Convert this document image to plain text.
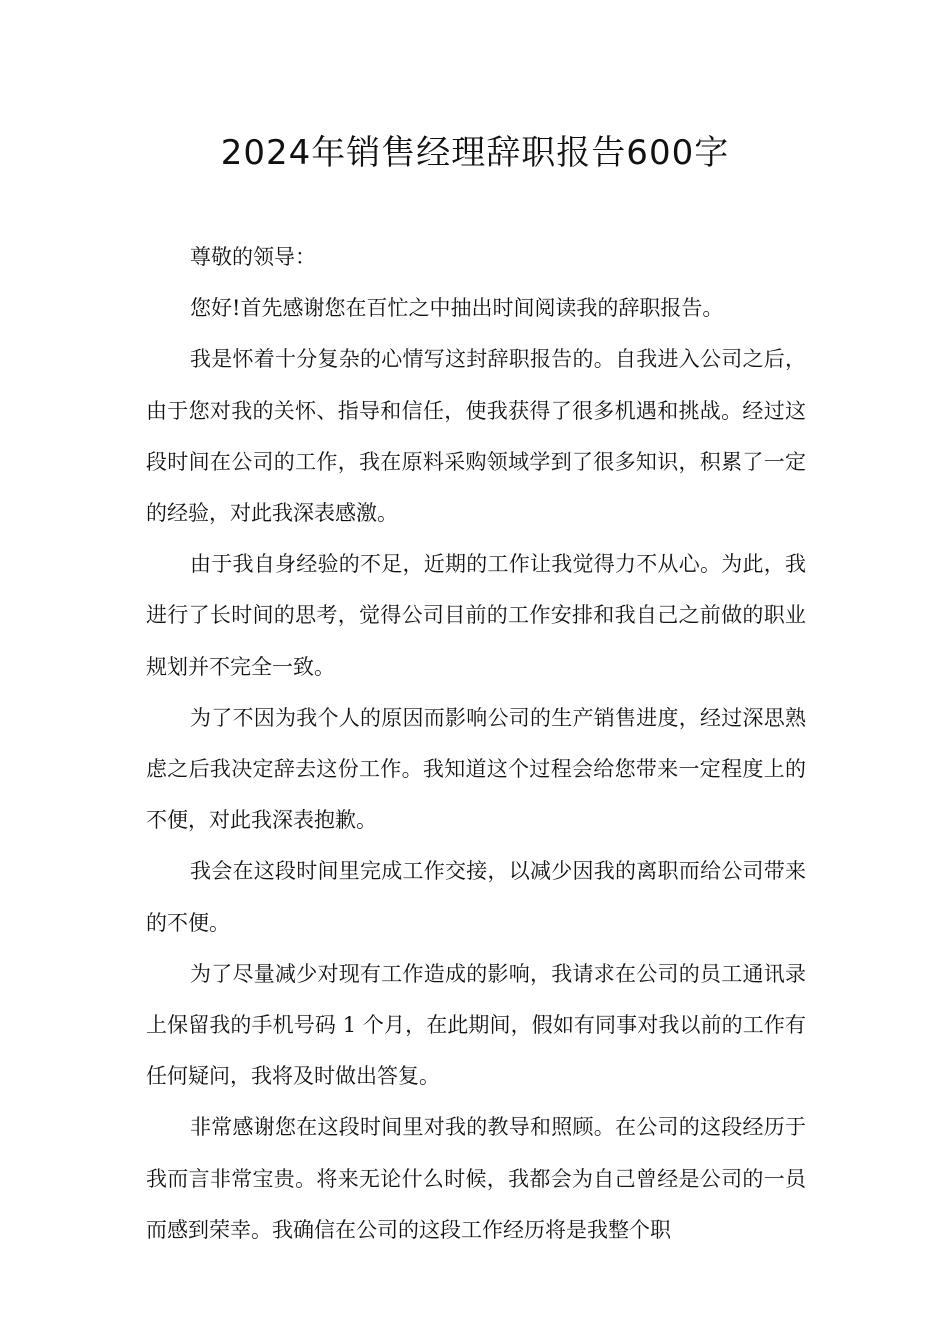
2024年销售经理辞职报告600字

尊敬的领导：

您好!首先感谢您在百忙之中抽出时间阅读我的辞职报告。

我是怀着十分复杂的心情写这封辞职报告的。自我进入公司之后，由于您对我的关怀、指导和信任，使我获得了很多机遇和挑战。经过这段时间在公司的工作，我在原料采购领域学到了很多知识，积累了一定的经验，对此我深表感激。

由于我自身经验的不足，近期的工作让我觉得力不从心。为此，我进行了长时间的思考，觉得公司目前的工作安排和我自己之前做的职业规划并不完全一致。

为了不因为我个人的原因而影响公司的生产销售进度，经过深思熟虑之后我决定辞去这份工作。我知道这个过程会给您带来一定程度上的不便，对此我深表抱歉。

我会在这段时间里完成工作交接，以减少因我的离职而给公司带来的不便。

为了尽量减少对现有工作造成的影响，我请求在公司的员工通讯录上保留我的手机号码 1 个月，在此期间，假如有同事对我以前的工作有任何疑问，我将及时做出答复。

非常感谢您在这段时间里对我的教导和照顾。在公司的这段经历于我而言非常宝贵。将来无论什么时候，我都会为自己曾经是公司的一员而感到荣幸。我确信在公司的这段工作经历将是我整个职
